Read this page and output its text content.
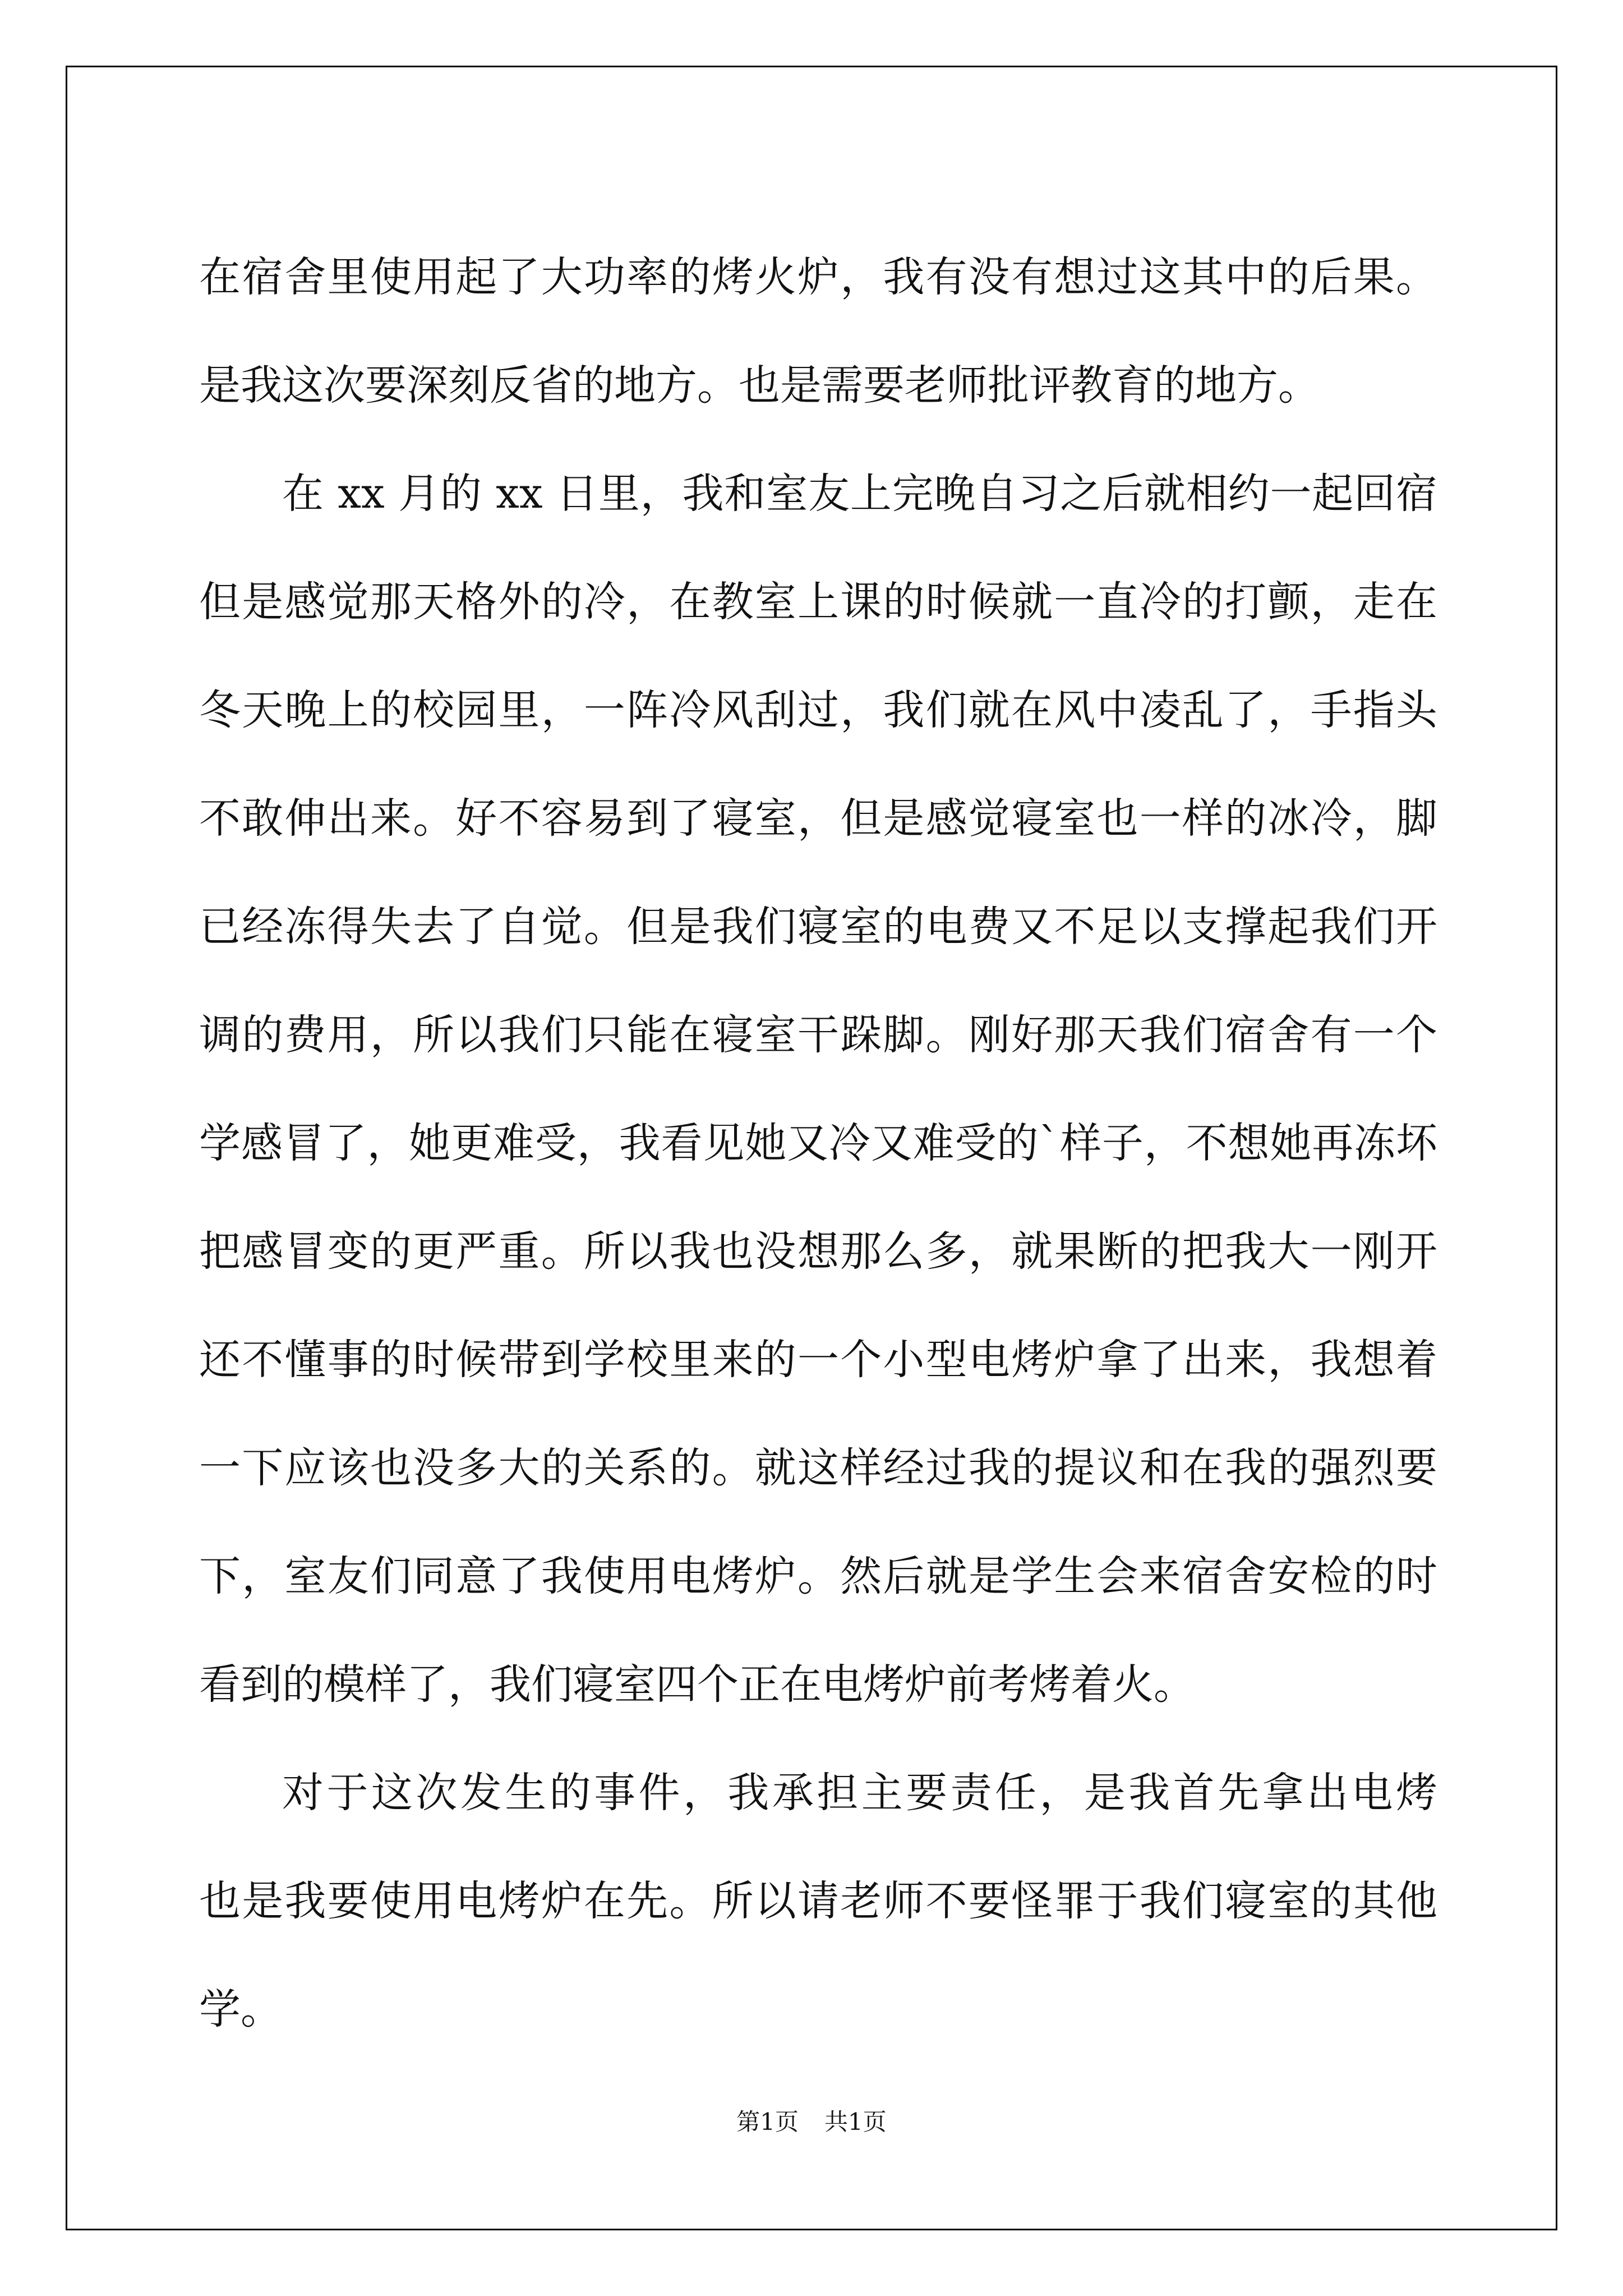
在宿舍里使用起了大功率的烤火炉，我有没有想过这其中的后果。
是我这次要深刻反省的地方。也是需要老师批评教育的地方。
在 xx 月的 xx 日里，我和室友上完晚自习之后就相约一起回宿
但是感觉那天格外的冷，在教室上课的时候就一直冷的打颤，走在
冬天晚上的校园里，一阵冷风刮过，我们就在风中凌乱了，手指头
不敢伸出来。好不容易到了寝室，但是感觉寝室也一样的冰冷，脚
已经冻得失去了自觉。但是我们寝室的电费又不足以支撑起我们开
调的费用，所以我们只能在寝室干跺脚。刚好那天我们宿舍有一个
学感冒了，她更难受，我看见她又冷又难受的`样子，不想她再冻坏
把感冒变的更严重。所以我也没想那么多，就果断的把我大一刚开
还不懂事的时候带到学校里来的一个小型电烤炉拿了出来，我想着
一下应该也没多大的关系的。就这样经过我的提议和在我的强烈要
下，室友们同意了我使用电烤炉。然后就是学生会来宿舍安检的时
看到的模样了，我们寝室四个正在电烤炉前考烤着火。
对于这次发生的事件，我承担主要责任，是我首先拿出电烤
也是我要使用电烤炉在先。所以请老师不要怪罪于我们寝室的其他
学。
第1页 共1页
